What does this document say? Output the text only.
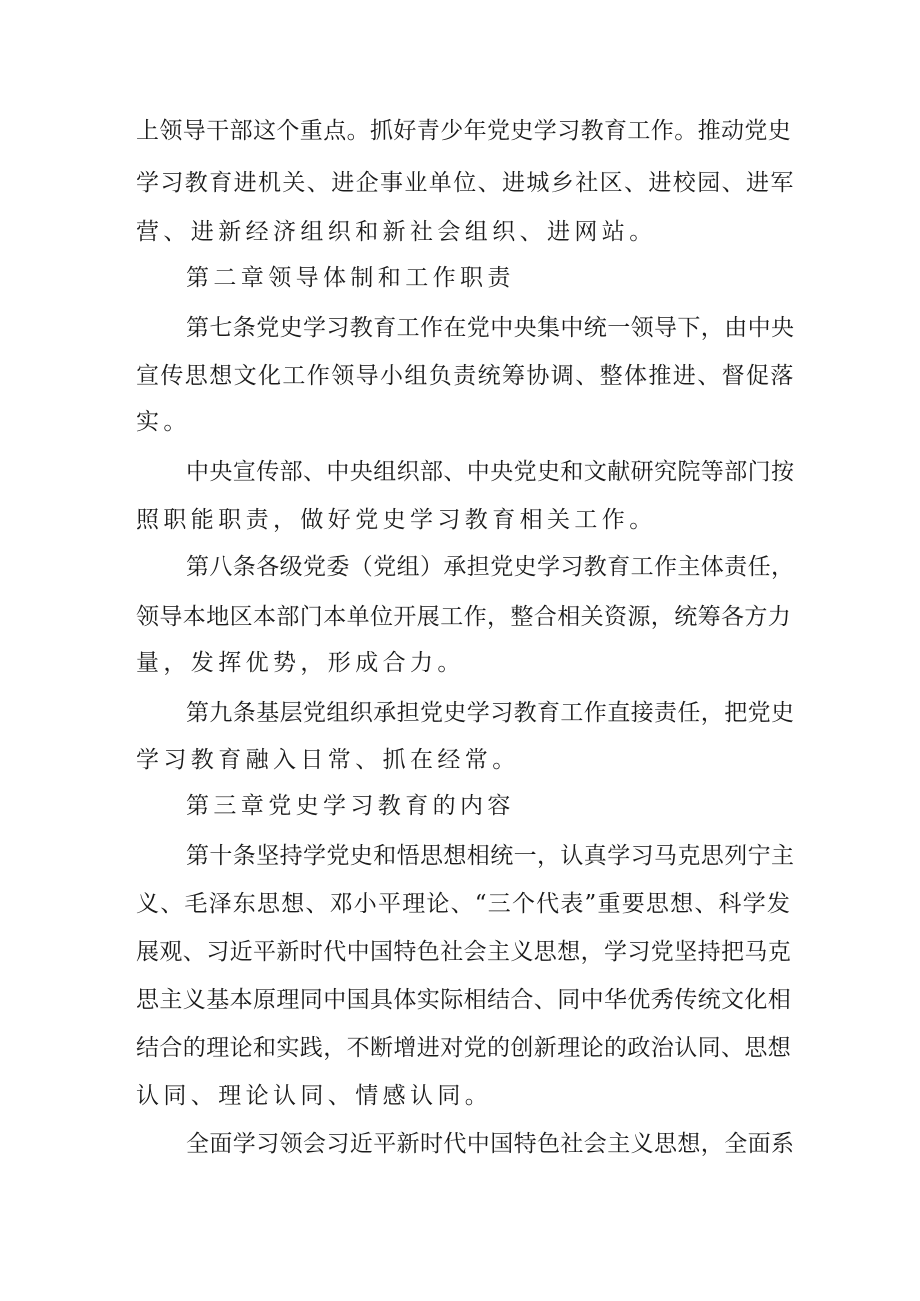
上领导干部这个重点。抓好青少年党史学习教育工作。推动党史
学习教育进机关、进企事业单位、进城乡社区、进校园、进军
营、进新经济组织和新社会组织、进网站。
第二章领导体制和工作职责
第七条党史学习教育工作在党中央集中统一领导下，由中央
宣传思想文化工作领导小组负责统筹协调、整体推进、督促落
实。
中央宣传部、中央组织部、中央党史和文献研究院等部门按
照职能职责，做好党史学习教育相关工作。
第八条各级党委（党组）承担党史学习教育工作主体责任，
领导本地区本部门本单位开展工作，整合相关资源，统筹各方力
量，发挥优势，形成合力。
第九条基层党组织承担党史学习教育工作直接责任，把党史
学习教育融入日常、抓在经常。
第三章党史学习教育的内容
第十条坚持学党史和悟思想相统一，认真学习马克思列宁主
义、毛泽东思想、邓小平理论、“三个代表”重要思想、科学发
展观、习近平新时代中国特色社会主义思想，学习党坚持把马克
思主义基本原理同中国具体实际相结合、同中华优秀传统文化相
结合的理论和实践，不断增进对党的创新理论的政治认同、思想
认同、理论认同、情感认同。
全面学习领会习近平新时代中国特色社会主义思想，全面系
